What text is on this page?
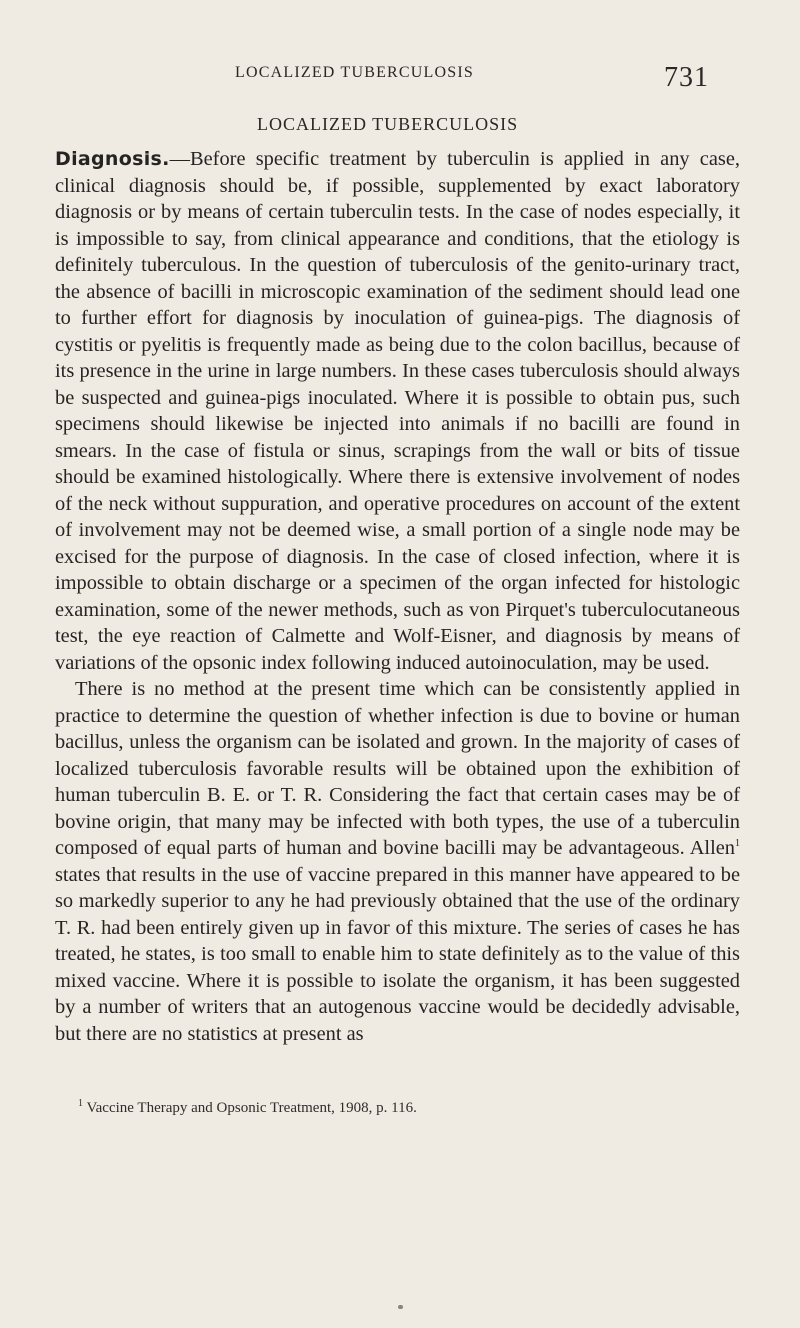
LOCALIZED TUBERCULOSIS	731
LOCALIZED TUBERCULOSIS

Diagnosis.—Before specific treatment by tuberculin is applied in any case, clinical diagnosis should be, if possible, supplemented by exact laboratory diagnosis or by means of certain tuberculin tests. In the case of nodes especially, it is impossible to say, from clinical appearance and conditions, that the etiology is definitely tuberculous. In the question of tuberculosis of the genito-urinary tract, the absence of bacilli in microscopic examination of the sediment should lead one to further effort for diagnosis by inoculation of guinea-pigs. The diagnosis of cystitis or pyelitis is frequently made as being due to the colon bacillus, because of its presence in the urine in large numbers. In these cases tuberculosis should always be suspected and guinea-pigs inoculated. Where it is possible to obtain pus, such specimens should likewise be injected into animals if no bacilli are found in smears. In the case of fistula or sinus, scrapings from the wall or bits of tissue should be examined histologically. Where there is extensive involvement of nodes of the neck without suppuration, and operative procedures on account of the extent of involvement may not be deemed wise, a small portion of a single node may be excised for the purpose of diagnosis. In the case of closed infection, where it is impossible to obtain discharge or a specimen of the organ infected for histologic examination, some of the newer methods, such as von Pirquet's tuberculocutaneous test, the eye reaction of Calmette and Wolf-Eisner, and diagnosis by means of variations of the opsonic index following induced autoinoculation, may be used.

There is no method at the present time which can be consistently applied in practice to determine the question of whether infection is due to bovine or human bacillus, unless the organism can be isolated and grown. In the majority of cases of localized tuberculosis favorable results will be obtained upon the exhibition of human tuberculin B. E. or T. R. Considering the fact that certain cases may be of bovine origin, that many may be infected with both types, the use of a tuberculin composed of equal parts of human and bovine bacilli may be advantageous. Allen$^1$ states that results in the use of vaccine prepared in this manner have appeared to be so markedly superior to any he had previously obtained that the use of the ordinary T. R. had been entirely given up in favor of this mixture. The series of cases he has treated, he states, is too small to enable him to state definitely as to the value of this mixed vaccine. Where it is possible to isolate the organism, it has been suggested by a number of writers that an autogenous vaccine would be decidedly advisable, but there are no statistics at present as

$^1$ Vaccine Therapy and Opsonic Treatment, 1908, p. 116.
